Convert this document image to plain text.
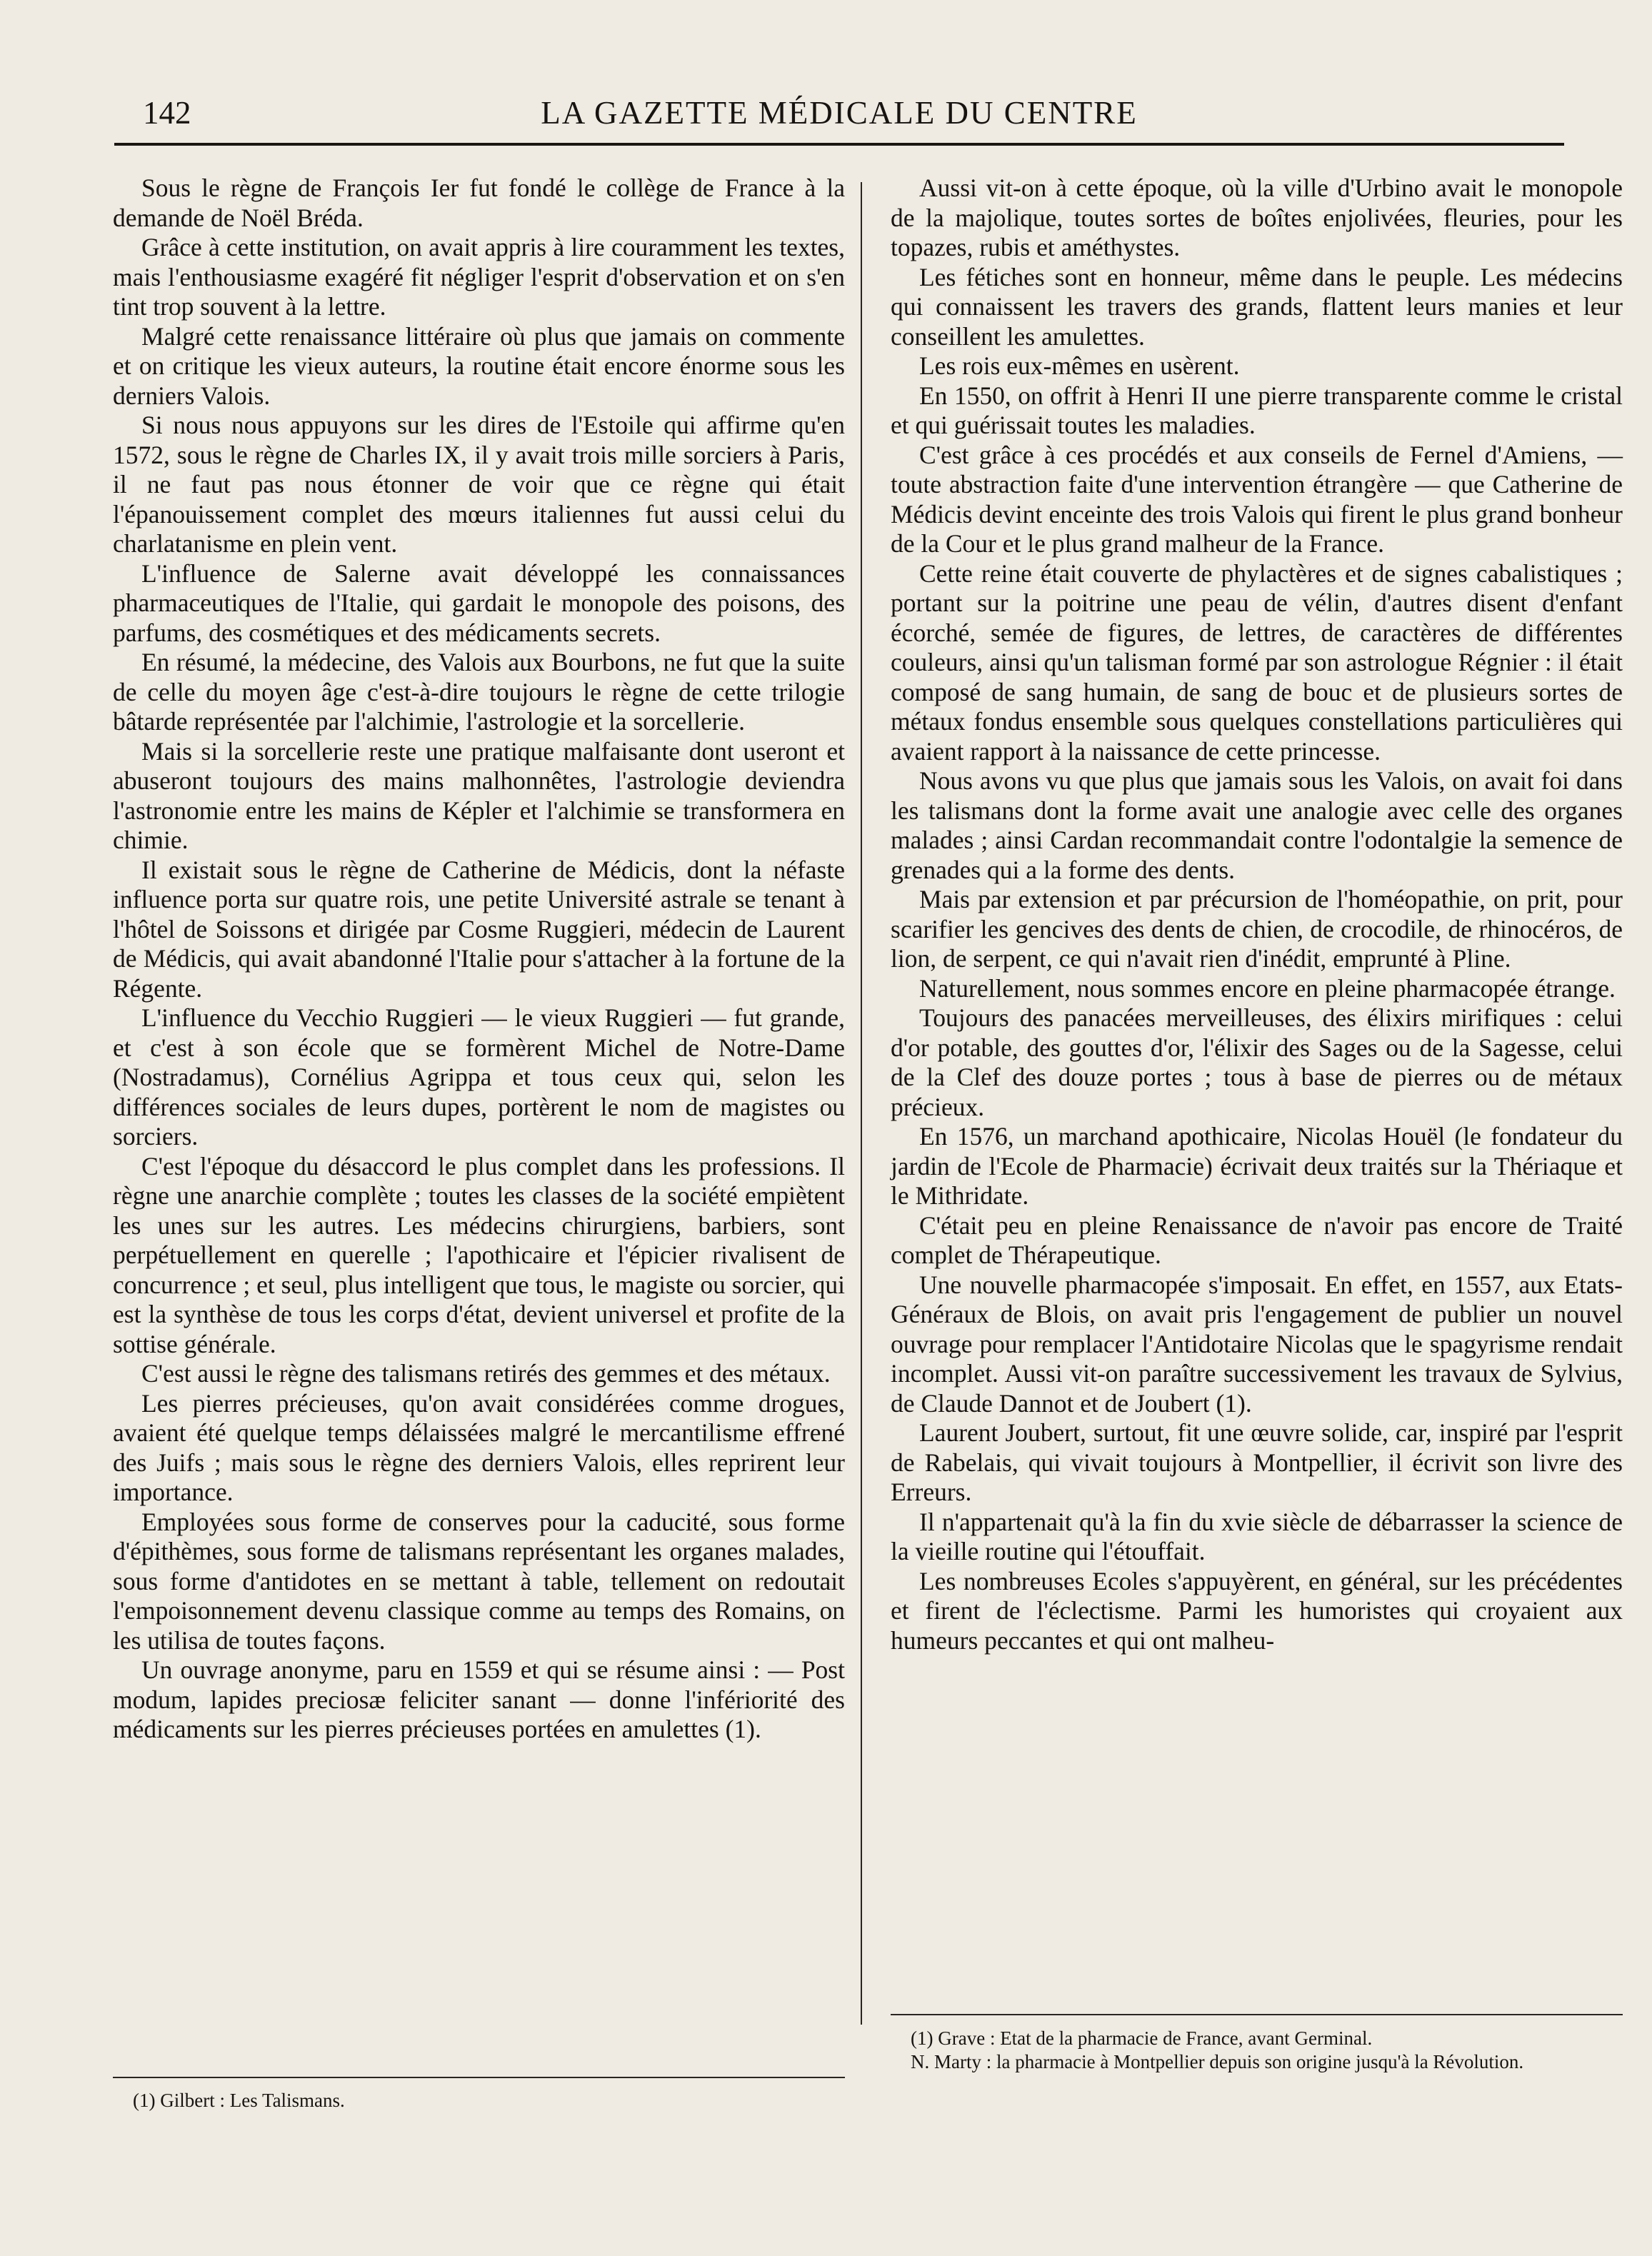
142	LA GAZETTE MÉDICALE DU CENTRE

Sous le règne de François Ier fut fondé le collège de France à la demande de Noël Bréda.

Grâce à cette institution, on avait appris à lire couramment les textes, mais l'enthousiasme exagéré fit négliger l'esprit d'observation et on s'en tint trop souvent à la lettre.

Malgré cette renaissance littéraire où plus que jamais on commente et on critique les vieux auteurs, la routine était encore énorme sous les derniers Valois.

Si nous nous appuyons sur les dires de l'Estoile qui affirme qu'en 1572, sous le règne de Charles IX, il y avait trois mille sorciers à Paris, il ne faut pas nous étonner de voir que ce règne qui était l'épanouissement complet des mœurs italiennes fut aussi celui du charlatanisme en plein vent.

L'influence de Salerne avait développé les connaissances pharmaceutiques de l'Italie, qui gardait le monopole des poisons, des parfums, des cosmétiques et des médicaments secrets.

En résumé, la médecine, des Valois aux Bourbons, ne fut que la suite de celle du moyen âge c'est-à-dire toujours le règne de cette trilogie bâtarde représentée par l'alchimie, l'astrologie et la sorcellerie.

Mais si la sorcellerie reste une pratique malfaisante dont useront et abuseront toujours des mains malhonnêtes, l'astrologie deviendra l'astronomie entre les mains de Képler et l'alchimie se transformera en chimie.

Il existait sous le règne de Catherine de Médicis, dont la néfaste influence porta sur quatre rois, une petite Université astrale se tenant à l'hôtel de Soissons et dirigée par Cosme Ruggieri, médecin de Laurent de Médicis, qui avait abandonné l'Italie pour s'attacher à la fortune de la Régente.

L'influence du Vecchio Ruggieri — le vieux Ruggieri — fut grande, et c'est à son école que se formèrent Michel de Notre-Dame (Nostradamus), Cornélius Agrippa et tous ceux qui, selon les différences sociales de leurs dupes, portèrent le nom de magistes ou sorciers.

C'est l'époque du désaccord le plus complet dans les professions. Il règne une anarchie complète ; toutes les classes de la société empiètent les unes sur les autres. Les médecins chirurgiens, barbiers, sont perpétuellement en querelle ; l'apothicaire et l'épicier rivalisent de concurrence ; et seul, plus intelligent que tous, le magiste ou sorcier, qui est la synthèse de tous les corps d'état, devient universel et profite de la sottise générale.

C'est aussi le règne des talismans retirés des gemmes et des métaux.

Les pierres précieuses, qu'on avait considérées comme drogues, avaient été quelque temps délaissées malgré le mercantilisme effrené des Juifs ; mais sous le règne des derniers Valois, elles reprirent leur importance.

Employées sous forme de conserves pour la caducité, sous forme d'épithèmes, sous forme de talismans représentant les organes malades, sous forme d'antidotes en se mettant à table, tellement on redoutait l'empoisonnement devenu classique comme au temps des Romains, on les utilisa de toutes façons.

Un ouvrage anonyme, paru en 1559 et qui se résume ainsi : — Post modum, lapides preciosæ feliciter sanant — donne l'infériorité des médicaments sur les pierres précieuses portées en amulettes (1).

Aussi vit-on à cette époque, où la ville d'Urbino avait le monopole de la majolique, toutes sortes de boîtes enjolivées, fleuries, pour les topazes, rubis et améthystes.

Les fétiches sont en honneur, même dans le peuple. Les médecins qui connaissent les travers des grands, flattent leurs manies et leur conseillent les amulettes.

Les rois eux-mêmes en usèrent.

En 1550, on offrit à Henri II une pierre transparente comme le cristal et qui guérissait toutes les maladies.

C'est grâce à ces procédés et aux conseils de Fernel d'Amiens, — toute abstraction faite d'une intervention étrangère — que Catherine de Médicis devint enceinte des trois Valois qui firent le plus grand bonheur de la Cour et le plus grand malheur de la France.

Cette reine était couverte de phylactères et de signes cabalistiques ; portant sur la poitrine une peau de vélin, d'autres disent d'enfant écorché, semée de figures, de lettres, de caractères de différentes couleurs, ainsi qu'un talisman formé par son astrologue Régnier : il était composé de sang humain, de sang de bouc et de plusieurs sortes de métaux fondus ensemble sous quelques constellations particulières qui avaient rapport à la naissance de cette princesse.

Nous avons vu que plus que jamais sous les Valois, on avait foi dans les talismans dont la forme avait une analogie avec celle des organes malades ; ainsi Cardan recommandait contre l'odontalgie la semence de grenades qui a la forme des dents.

Mais par extension et par précursion de l'homéopathie, on prit, pour scarifier les gencives des dents de chien, de crocodile, de rhinocéros, de lion, de serpent, ce qui n'avait rien d'inédit, emprunté à Pline.

Naturellement, nous sommes encore en pleine pharmacopée étrange.

Toujours des panacées merveilleuses, des élixirs mirifiques : celui d'or potable, des gouttes d'or, l'élixir des Sages ou de la Sagesse, celui de la Clef des douze portes ; tous à base de pierres ou de métaux précieux.

En 1576, un marchand apothicaire, Nicolas Houël (le fondateur du jardin de l'Ecole de Pharmacie) écrivait deux traités sur la Thériaque et le Mithridate.

C'était peu en pleine Renaissance de n'avoir pas encore de Traité complet de Thérapeutique.

Une nouvelle pharmacopée s'imposait. En effet, en 1557, aux Etats-Généraux de Blois, on avait pris l'engagement de publier un nouvel ouvrage pour remplacer l'Antidotaire Nicolas que le spagyrisme rendait incomplet. Aussi vit-on paraître successivement les travaux de Sylvius, de Claude Dannot et de Joubert (1).

Laurent Joubert, surtout, fit une œuvre solide, car, inspiré par l'esprit de Rabelais, qui vivait toujours à Montpellier, il écrivit son livre des Erreurs.

Il n'appartenait qu'à la fin du xvie siècle de débarrasser la science de la vieille routine qui l'étouffait.

Les nombreuses Ecoles s'appuyèrent, en général, sur les précédentes et firent de l'éclectisme. Parmi les humoristes qui croyaient aux humeurs peccantes et qui ont malheu-

(1) Gilbert : Les Talismans.

(1) Grave : Etat de la pharmacie de France, avant Germinal.

N. Marty : la pharmacie à Montpellier depuis son origine jusqu'à la Révolution.
